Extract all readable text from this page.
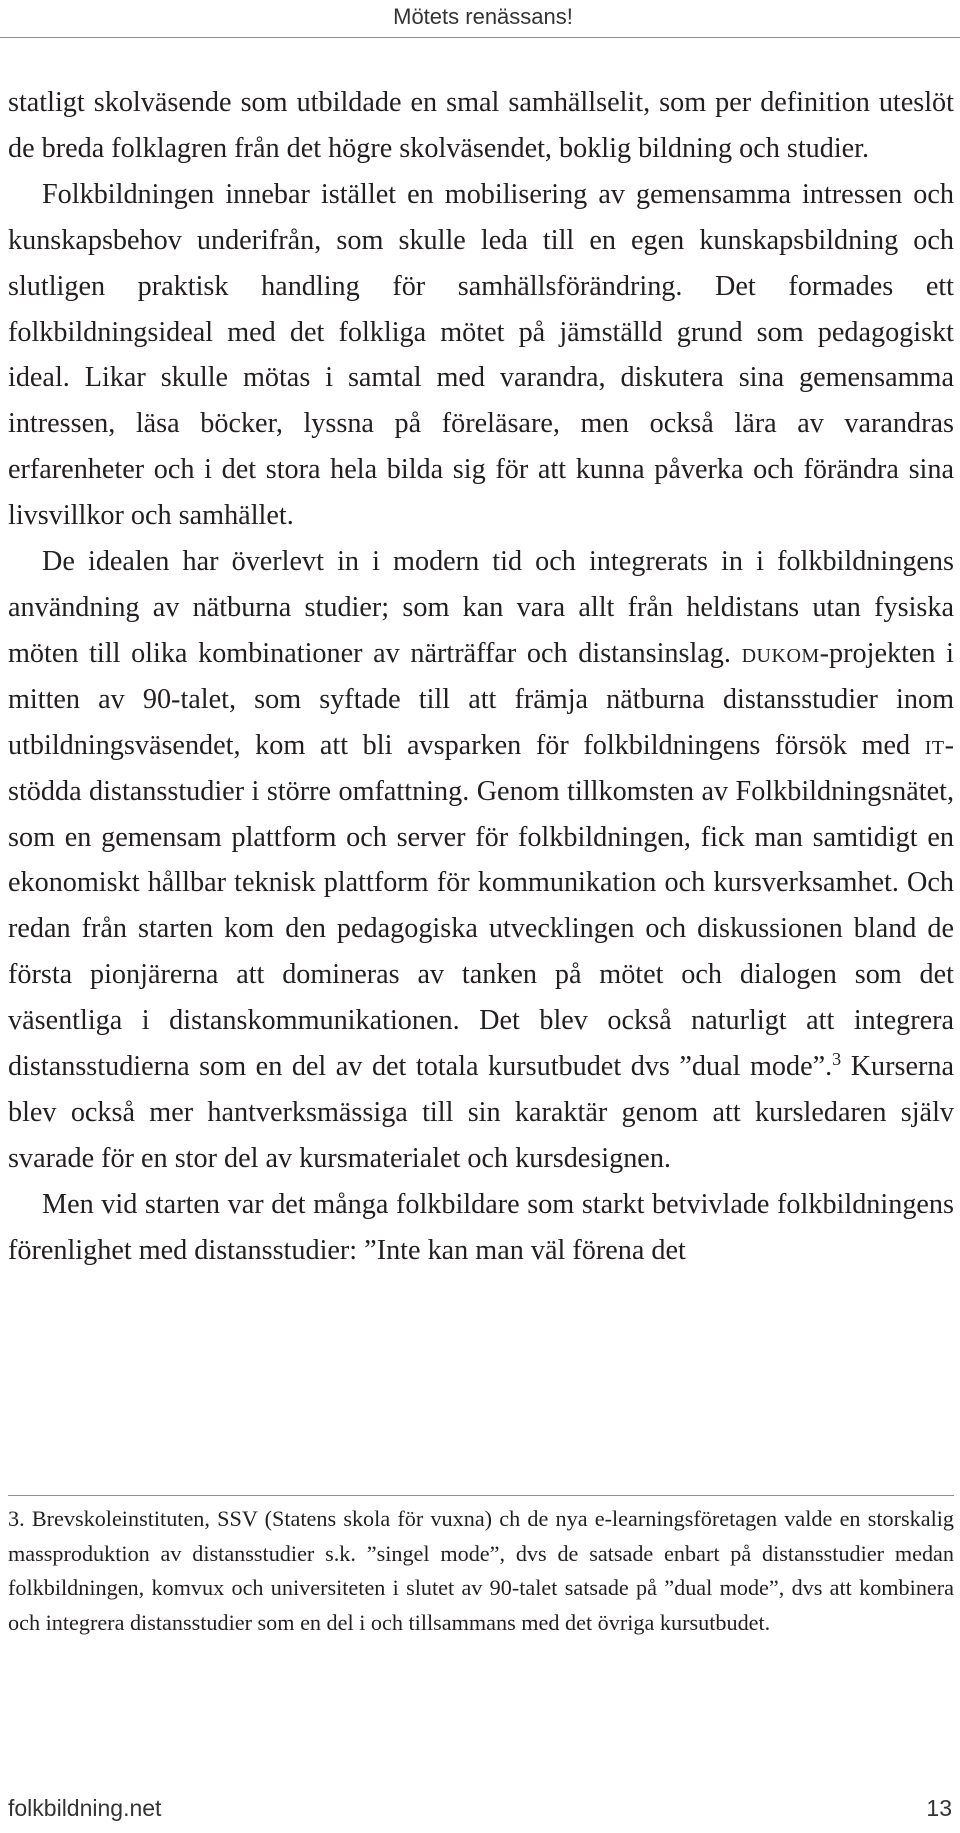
Mötets renässans!

statligt skolväsende som utbildade en smal samhällselit, som per definition uteslöt de breda folklagren från det högre skolväsendet, boklig bildning och studier.

Folkbildningen innebar istället en mobilisering av gemensamma intressen och kunskapsbehov underifrån, som skulle leda till en egen kunskapsbildning och slutligen praktisk handling för samhällsförändring. Det formades ett folkbildningsideal med det folkliga mötet på jämställd grund som pedagogiskt ideal. Likar skulle mötas i samtal med varandra, diskutera sina gemensamma intressen, läsa böcker, lyssna på föreläsare, men också lära av varandras erfarenheter och i det stora hela bilda sig för att kunna påverka och förändra sina livsvillkor och samhället.

De idealen har överlevt in i modern tid och integrerats in i folkbildningens användning av nätburna studier; som kan vara allt från heldistans utan fysiska möten till olika kombinationer av närträffar och distansinslag. dukom-projekten i mitten av 90-talet, som syftade till att främja nätburna distansstudier inom utbildningsväsendet, kom att bli avsparken för folkbildningens försök med it-stödda distansstudier i större omfattning. Genom tillkomsten av Folkbildningsnätet, som en gemensam plattform och server för folkbildningen, fick man samtidigt en ekonomiskt hållbar teknisk plattform för kommunikation och kursverksamhet. Och redan från starten kom den pedagogiska utvecklingen och diskussionen bland de första pionjärerna att domineras av tanken på mötet och dialogen som det väsentliga i distanskommunikationen. Det blev också naturligt att integrera distansstudierna som en del av det totala kursutbudet dvs ”dual mode”.$^3$ Kurserna blev också mer hantverksmässiga till sin karaktär genom att kursledaren själv svarade för en stor del av kursmaterialet och kursdesignen.

Men vid starten var det många folkbildare som starkt betvivlade folkbildningens förenlighet med distansstudier: ”Inte kan man väl förena det

3. Brevskoleinstituten, SSV (Statens skola för vuxna) ch de nya e-learningsföretagen valde en storskalig massproduktion av distansstudier s.k. ”singel mode”, dvs de satsade enbart på distansstudier medan folkbildningen, komvux och universiteten i slutet av 90-talet satsade på ”dual mode”, dvs att kombinera och integrera distansstudier som en del i och tillsammans med det övriga kursutbudet.

folkbildning.net	13
